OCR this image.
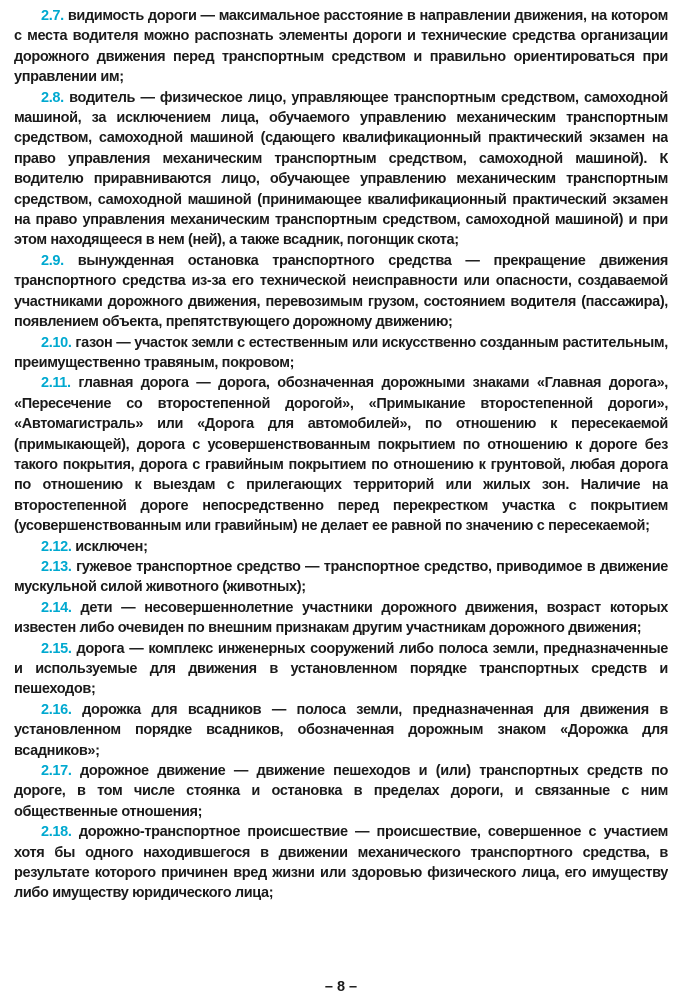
2.7. видимость дороги — максимальное расстояние в направлении движения, на котором с места водителя можно распознать элементы дороги и технические средства организации дорожного движения перед транспортным средством и правильно ориентироваться при управлении им;

2.8. водитель — физическое лицо, управляющее транспортным средством, самоходной машиной, за исключением лица, обучаемого управлению механическим транспортным средством, самоходной машиной (сдающего квалификационный практический экзамен на право управления механическим транспортным средством, самоходной машиной). К водителю приравниваются лицо, обучающее управлению механическим транспортным средством, самоходной машиной (принимающее квалификационный практический экзамен на право управления механическим транспортным средством, самоходной машиной) и при этом находящееся в нем (ней), а также всадник, погонщик скота;

2.9. вынужденная остановка транспортного средства — прекращение движения транспортного средства из-за его технической неисправности или опасности, создаваемой участниками дорожного движения, перевозимым грузом, состоянием водителя (пассажира), появлением объекта, препятствующего дорожному движению;

2.10. газон — участок земли с естественным или искусственно созданным растительным, преимущественно травяным, покровом;

2.11. главная дорога — дорога, обозначенная дорожными знаками «Главная дорога», «Пересечение со второстепенной дорогой», «Примыкание второстепенной дороги», «Автомагистраль» или «Дорога для автомобилей», по отношению к пересекаемой (примыкающей), дорога с усовершенствованным покрытием по отношению к дороге без такого покрытия, дорога с гравийным покрытием по отношению к грунтовой, любая дорога по отношению к выездам с прилегающих территорий или жилых зон. Наличие на второстепенной дороге непосредственно перед перекрестком участка с покрытием (усовершенствованным или гравийным) не делает ее равной по значению с пересекаемой;

2.12. исключен;

2.13. гужевое транспортное средство — транспортное средство, приводимое в движение мускульной силой животного (животных);

2.14. дети — несовершеннолетние участники дорожного движения, возраст которых известен либо очевиден по внешним признакам другим участникам дорожного движения;

2.15. дорога — комплекс инженерных сооружений либо полоса земли, предназначенные и используемые для движения в установленном порядке транспортных средств и пешеходов;

2.16. дорожка для всадников — полоса земли, предназначенная для движения в установленном порядке всадников, обозначенная дорожным знаком «Дорожка для всадников»;

2.17. дорожное движение — движение пешеходов и (или) транспортных средств по дороге, в том числе стоянка и остановка в пределах дороги, и связанные с ним общественные отношения;

2.18. дорожно-транспортное происшествие — происшествие, совершенное с участием хотя бы одного находившегося в движении механического транспортного средства, в результате которого причинен вред жизни или здоровью физического лица, его имуществу либо имуществу юридического лица;

– 8 –
